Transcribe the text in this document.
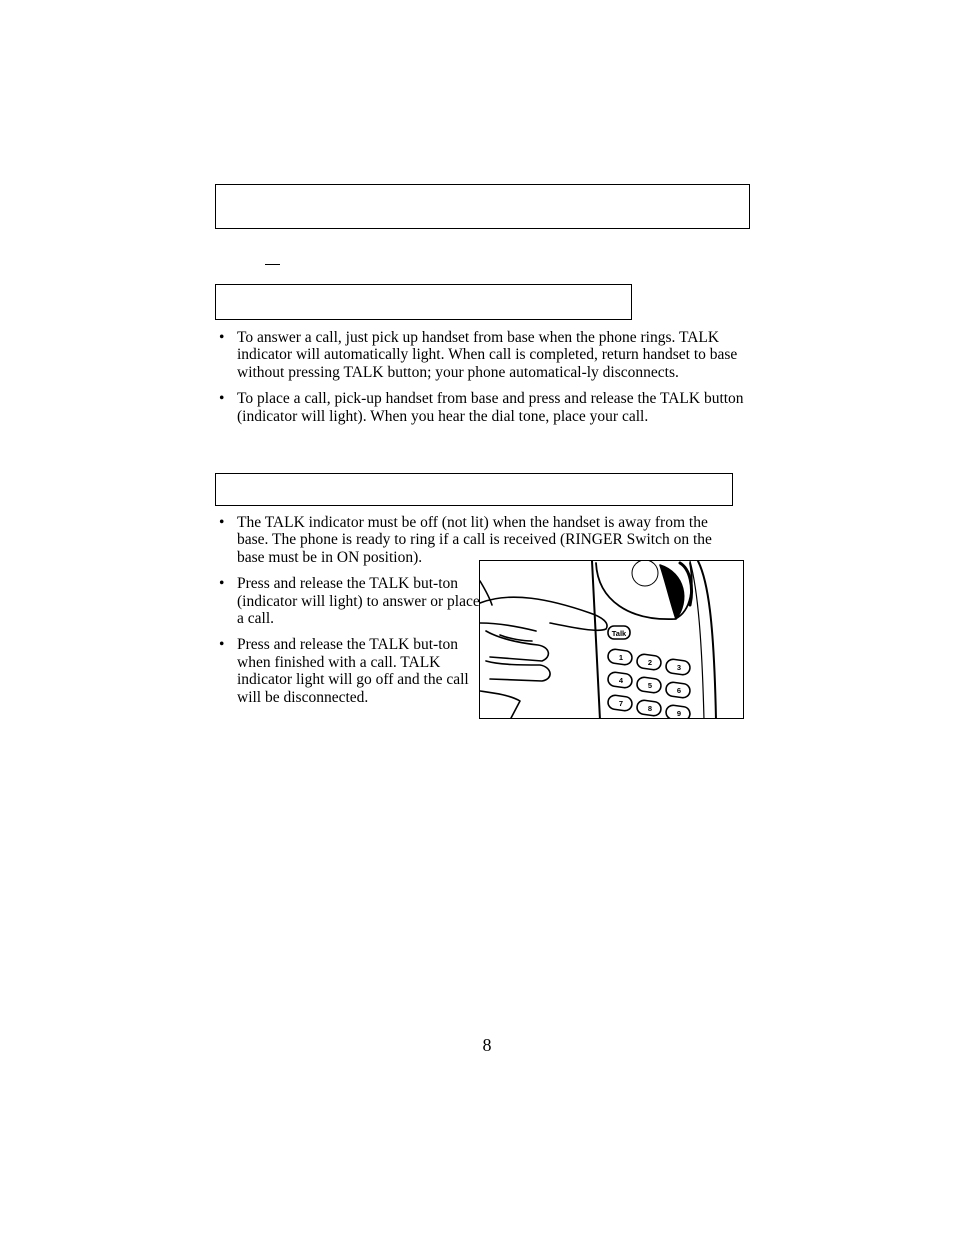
• To answer a call, just pick up handset from base when the phone rings. TALK indicator will automatically light. When call is completed, return handset to base without pressing TALK button; your phone automatical-ly disconnects.
• To place a call, pick-up handset from base and press and release the TALK button (indicator will light). When you hear the dial tone, place your call.
• The TALK indicator must be off (not lit) when the handset is away from the base. The phone is ready to ring if a call is received (RINGER Switch on the base must be in ON position).
• Press and release the TALK but-ton (indicator will light) to answer or place a call.
• Press and release the TALK but-ton when finished with a call. TALK indicator light will go off and the call will be disconnected.
Talk
1
2
3
4
5
6
7
8
9
8
